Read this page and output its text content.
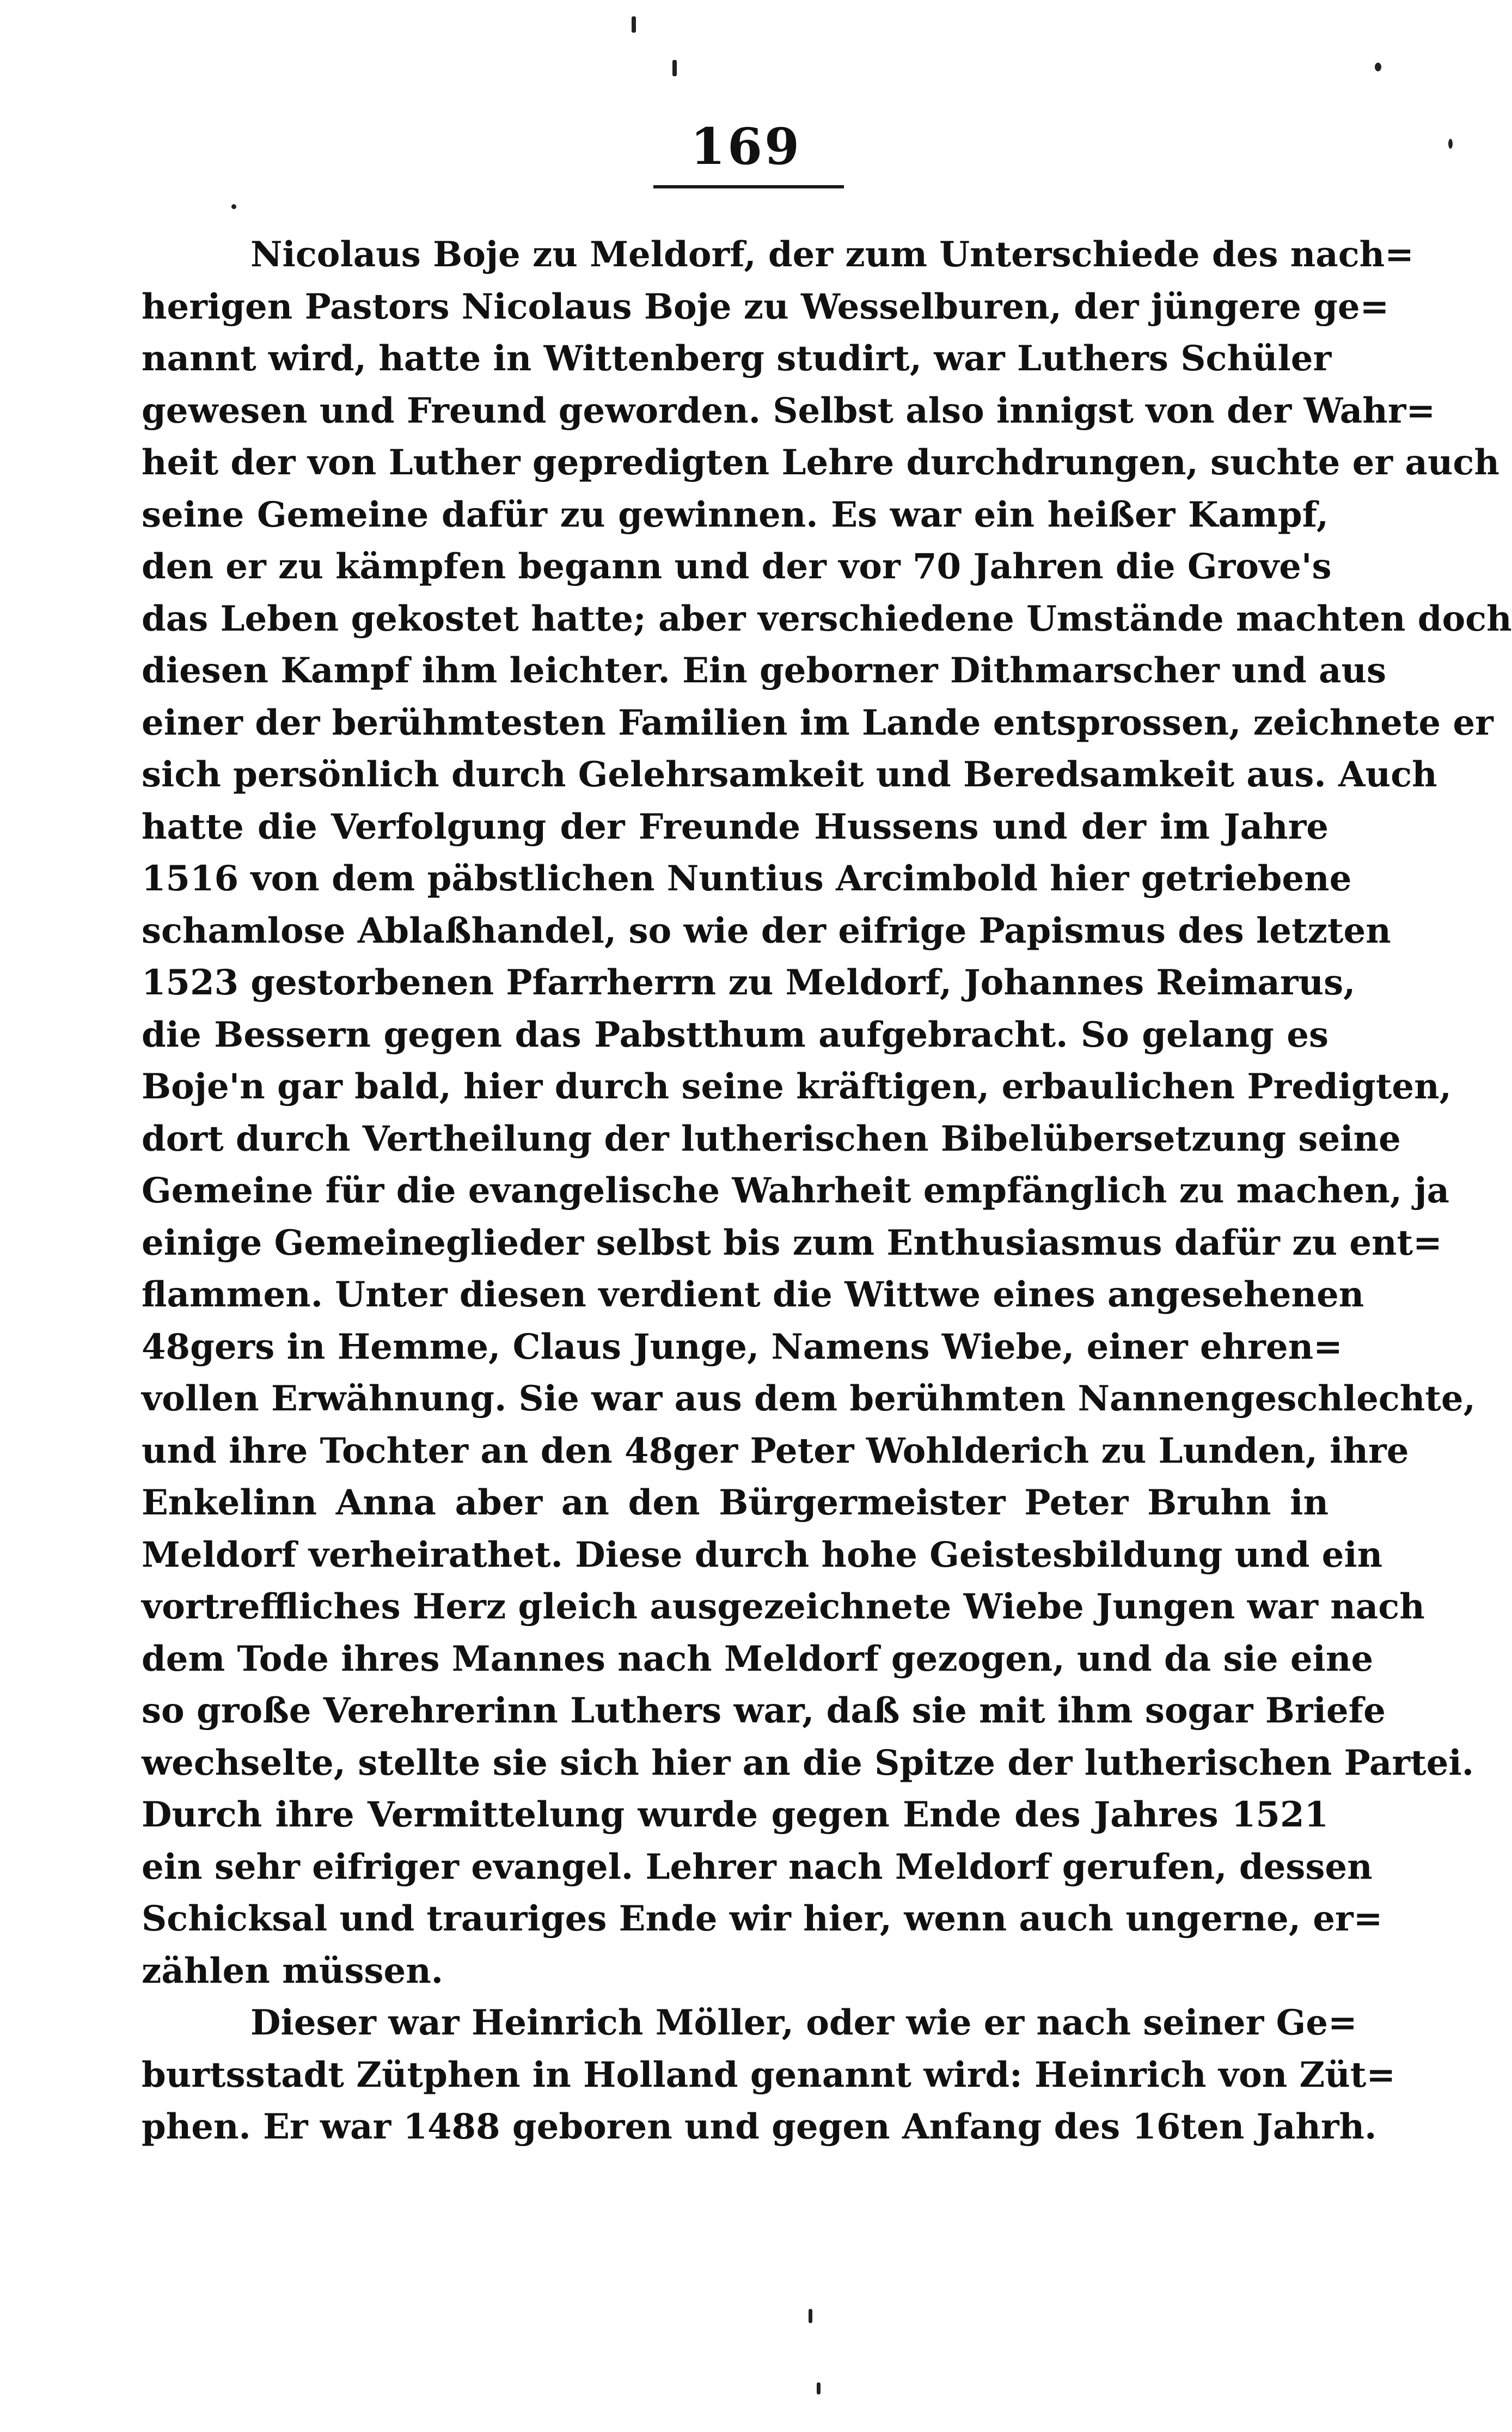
169
Nicolaus Boje zu Meldorf, der zum Unterschiede des nach=
herigen Pastors Nicolaus Boje zu Wesselburen, der jüngere ge=
nannt wird, hatte in Wittenberg studirt, war Luthers Schüler
gewesen und Freund geworden. Selbst also innigst von der Wahr=
heit der von Luther gepredigten Lehre durchdrungen, suchte er auch
seine Gemeine dafür zu gewinnen. Es war ein heißer Kampf,
den er zu kämpfen begann und der vor 70 Jahren die Grove's
das Leben gekostet hatte; aber verschiedene Umstände machten doch
diesen Kampf ihm leichter. Ein geborner Dithmarscher und aus
einer der berühmtesten Familien im Lande entsprossen, zeichnete er
sich persönlich durch Gelehrsamkeit und Beredsamkeit aus. Auch
hatte die Verfolgung der Freunde Hussens und der im Jahre
1516 von dem päbstlichen Nuntius Arcimbold hier getriebene
schamlose Ablaßhandel, so wie der eifrige Papismus des letzten
1523 gestorbenen Pfarrherrn zu Meldorf, Johannes Reimarus,
die Bessern gegen das Pabstthum aufgebracht. So gelang es
Boje'n gar bald, hier durch seine kräftigen, erbaulichen Predigten,
dort durch Vertheilung der lutherischen Bibelübersetzung seine
Gemeine für die evangelische Wahrheit empfänglich zu machen, ja
einige Gemeineglieder selbst bis zum Enthusiasmus dafür zu ent=
flammen. Unter diesen verdient die Wittwe eines angesehenen
48gers in Hemme, Claus Junge, Namens Wiebe, einer ehren=
vollen Erwähnung. Sie war aus dem berühmten Nannengeschlechte,
und ihre Tochter an den 48ger Peter Wohlderich zu Lunden, ihre
Enkelinn Anna aber an den Bürgermeister Peter Bruhn in
Meldorf verheirathet. Diese durch hohe Geistesbildung und ein
vortreffliches Herz gleich ausgezeichnete Wiebe Jungen war nach
dem Tode ihres Mannes nach Meldorf gezogen, und da sie eine
so große Verehrerinn Luthers war, daß sie mit ihm sogar Briefe
wechselte, stellte sie sich hier an die Spitze der lutherischen Partei.
Durch ihre Vermittelung wurde gegen Ende des Jahres 1521
ein sehr eifriger evangel. Lehrer nach Meldorf gerufen, dessen
Schicksal und trauriges Ende wir hier, wenn auch ungerne, er=
zählen müssen.
Dieser war Heinrich Möller, oder wie er nach seiner Ge=
burtsstadt Zütphen in Holland genannt wird: Heinrich von Züt=
phen. Er war 1488 geboren und gegen Anfang des 16ten Jahrh.
